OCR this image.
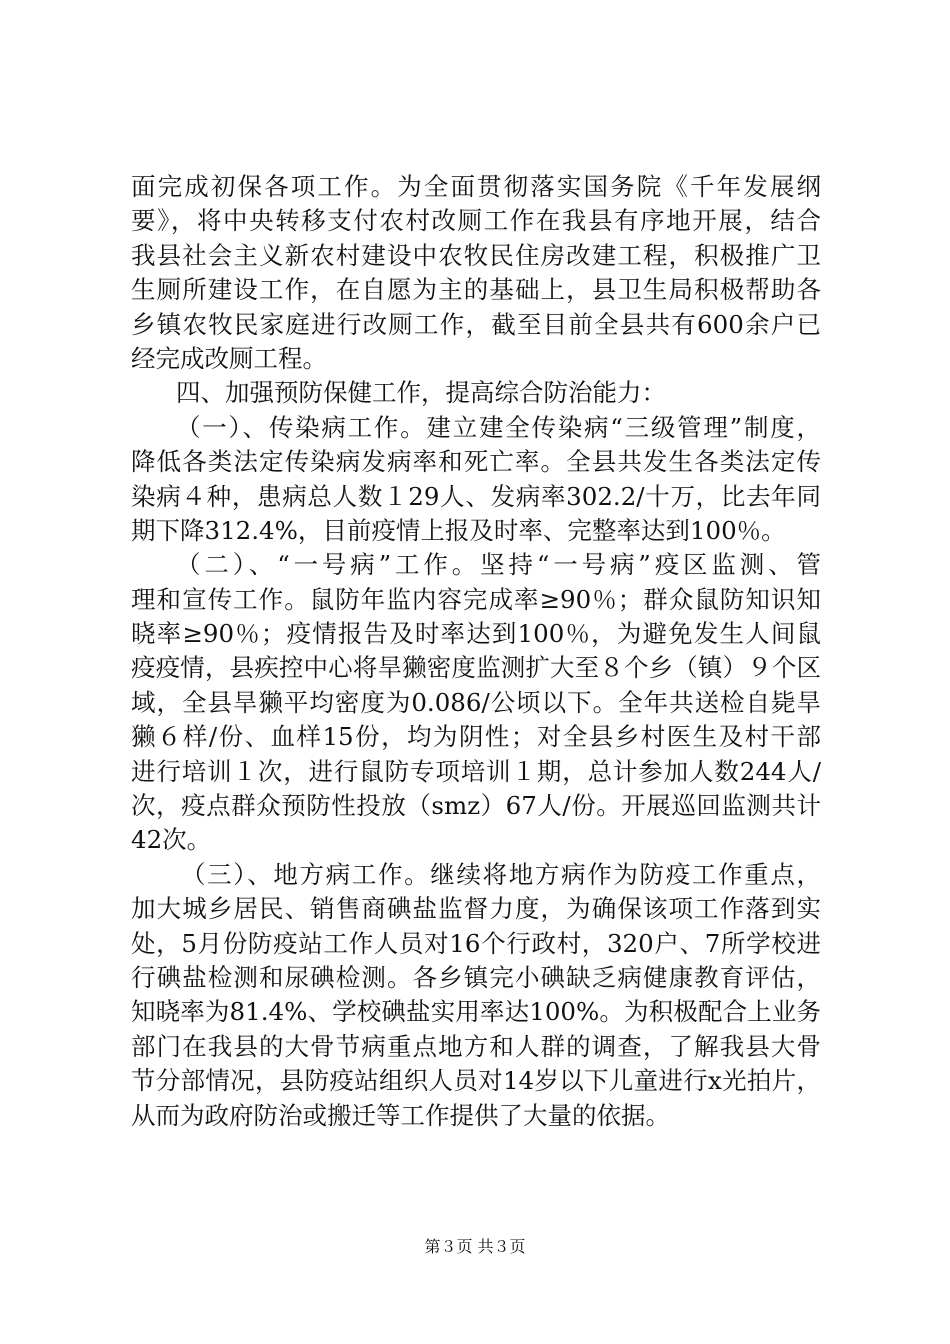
面完成初保各项工作。为全面贯彻落实国务院《千年发展纲
要》，将中央转移支付农村改厕工作在我县有序地开展，结合
我县社会主义新农村建设中农牧民住房改建工程，积极推广卫
生厕所建设工作，在自愿为主的基础上，县卫生局积极帮助各
乡镇农牧民家庭进行改厕工作，截至目前全县共有600余户已
经完成改厕工程。
四、加强预防保健工作，提高综合防治能力：
（一）、传染病工作。建立建全传染病“三级管理”制度，
降低各类法定传染病发病率和死亡率。全县共发生各类法定传
染病４种，患病总人数１29人、发病率302.2/十万，比去年同
期下降312.4%，目前疫情上报及时率、完整率达到100％。
（二）、“一号病”工作。坚持“一号病”疫区监测、管
理和宣传工作。鼠防年监内容完成率≥90％；群众鼠防知识知
晓率≥90％；疫情报告及时率达到100％，为避免发生人间鼠
疫疫情，县疾控中心将旱獭密度监测扩大至８个乡（镇）９个区
域，全县旱獭平均密度为0.086/公顷以下。全年共送检自毙旱
獭６样/份、血样15份，均为阴性；对全县乡村医生及村干部
进行培训１次，进行鼠防专项培训１期，总计参加人数244人/
次，疫点群众预防性投放（smz）67人/份。开展巡回监测共计
42次。
（三）、地方病工作。继续将地方病作为防疫工作重点，
加大城乡居民、销售商碘盐监督力度，为确保该项工作落到实
处，5月份防疫站工作人员对16个行政村，320户、7所学校进
行碘盐检测和尿碘检测。各乡镇完小碘缺乏病健康教育评估，
知晓率为81.4%、学校碘盐实用率达100%。为积极配合上业务
部门在我县的大骨节病重点地方和人群的调查，了解我县大骨
节分部情况，县防疫站组织人员对14岁以下儿童进行x光拍片，
从而为政府防治或搬迁等工作提供了大量的依据。
第３页 共３页
